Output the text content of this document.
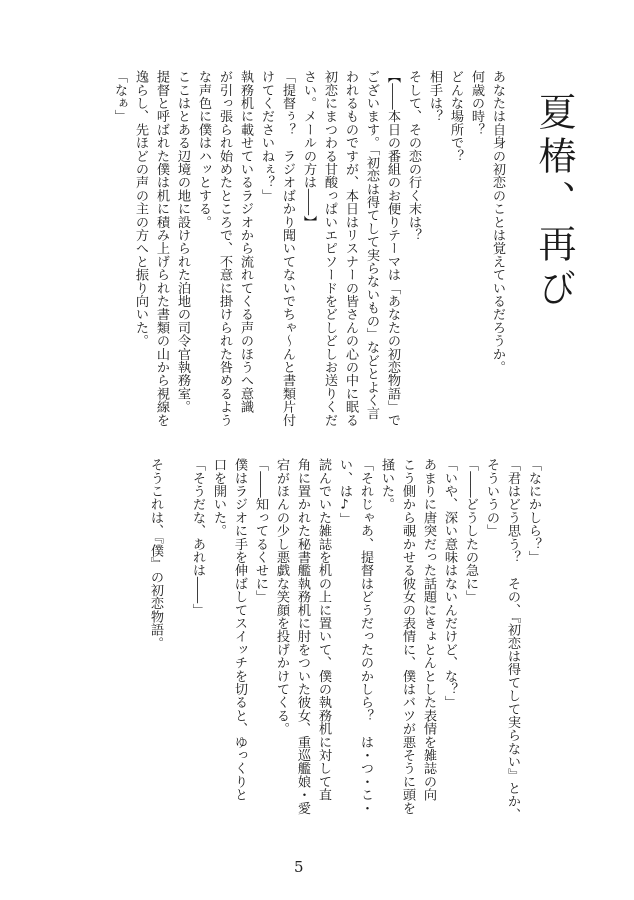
夏椿、再び
あなたは自身の初恋のことは覚えているだろうか。
何歳の時？
どんな場所で？
相手は？
そして、その恋の行く末は？
【――本日の番組のお便りテーマは「あなたの初恋物語」で
ございます。「初恋は得てして実らないもの」などとよく言
われるものですが、本日はリスナーの皆さんの心の中に眠る
初恋にまつわる甘酸っぱいエピソードをどしどしお送りくだ
さい。メールの方は――】
「提督ぅ？　ラジオばかり聞いてないでちゃ～んと書類片付
けてくださいねぇ？」
執務机に載せているラジオから流れてくる声のほうへ意識
が引っ張られ始めたところで、不意に掛けられた咎めるよう
な声色に僕はハッとする。
ここはとある辺境の地に設けられた泊地の司令官執務室。
提督と呼ばれた僕は机に積み上げられた書類の山から視線を
逸らし、先ほどの声の主の方へと振り向いた。
「なぁ」
「なにかしら？」
「君はどう思う？　その、『初恋は得てして実らない』とか、
そういうの」
「――どうしたの急に」
「いや、深い意味はないんだけど、な？」
あまりに唐突だった話題にきょとんとした表情を雑誌の向
こう側から覗かせる彼女の表情に、僕はバツが悪そうに頭を
掻いた。
「それじゃあ、提督はどうだったのかしら？　は・つ・こ・
い、は♪」
読んでいた雑誌を机の上に置いて、僕の執務机に対して直
角に置かれた秘書艦執務机に肘をついた彼女、重巡艦娘・愛
宕がほんの少し悪戯な笑顔を投げかけてくる。
「――知ってるくせに」
僕はラジオに手を伸ばしてスイッチを切ると、ゆっくりと
口を開いた。
「そうだな、あれは――」
そうこれは、『僕』の初恋物語。
5
